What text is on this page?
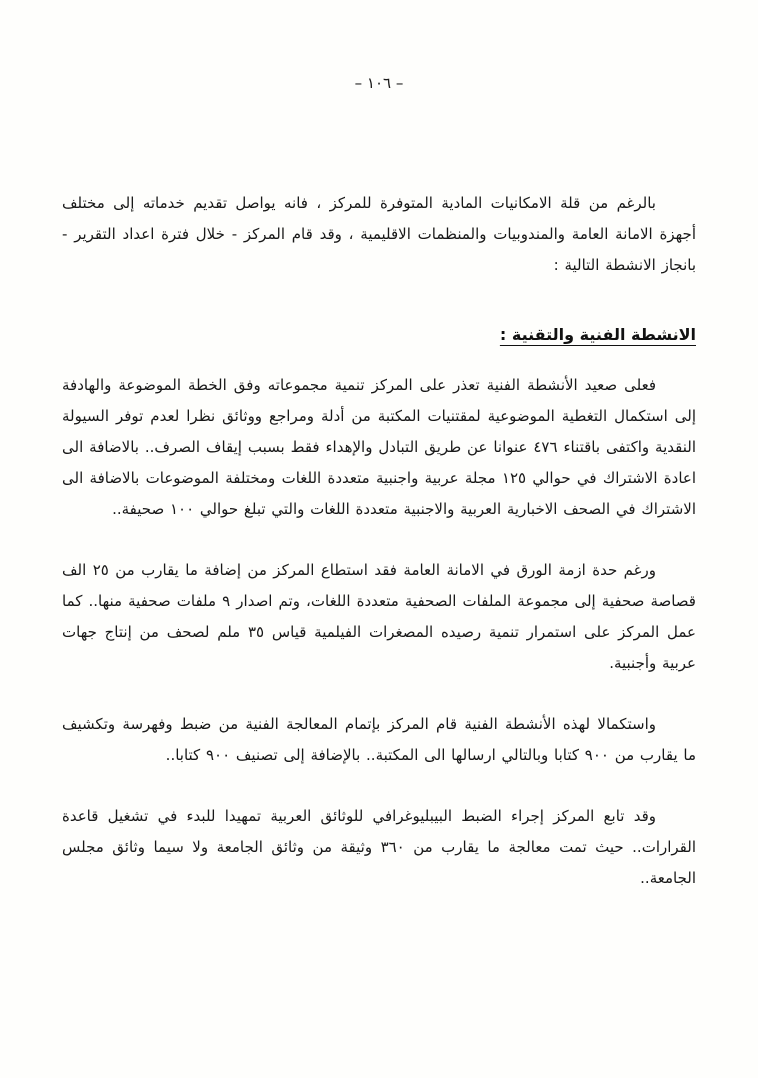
– ١٠٦ –

بالرغم من قلة الامكانيات المادية المتوفرة للمركز ، فانه يواصل تقديم خدماته إلى مختلف أجهزة الامانة العامة والمندوبيات والمنظمات الاقليمية ، وقد قام المركز - خلال فترة اعداد التقرير - بانجاز الانشطة التالية :

الانشطة الفنية والتقنية :

فعلى صعيد الأنشطة الفنية تعذر على المركز تنمية مجموعاته وفق الخطة الموضوعة والهادفة إلى استكمال التغطية الموضوعية لمقتنيات المكتبة من أدلة ومراجع ووثائق نظرا لعدم توفر السيولة النقدية واكتفى باقتناء ٤٧٦ عنوانا عن طريق التبادل والإهداء فقط بسبب إيقاف الصرف.. بالاضافة الى اعادة الاشتراك في حوالي ١٢٥ مجلة عربية واجنبية متعددة اللغات ومختلفة الموضوعات بالاضافة الى الاشتراك في الصحف الاخبارية العربية والاجنبية متعددة اللغات والتي تبلغ حوالي ١٠٠ صحيفة..

ورغم حدة ازمة الورق في الامانة العامة فقد استطاع المركز من إضافة ما يقارب من ٢٥ الف قصاصة صحفية إلى مجموعة الملفات الصحفية متعددة اللغات، وتم اصدار ٩ ملفات صحفية منها.. كما عمل المركز على استمرار تنمية رصيده المصغرات الفيلمية قياس ٣٥ ملم لصحف من إنتاج جهات عربية وأجنبية.

واستكمالا لهذه الأنشطة الفنية قام المركز بإتمام المعالجة الفنية من ضبط وفهرسة وتكشيف ما يقارب من ٩٠٠ كتابا وبالتالي ارسالها الى المكتبة.. بالإضافة إلى تصنيف ٩٠٠ كتابا..

وقد تابع المركز إجراء الضبط البيبليوغرافي للوثائق العربية تمهيدا للبدء في تشغيل قاعدة القرارات.. حيث تمت معالجة ما يقارب من ٣٦٠ وثيقة من وثائق الجامعة ولا سيما وثائق مجلس الجامعة..
